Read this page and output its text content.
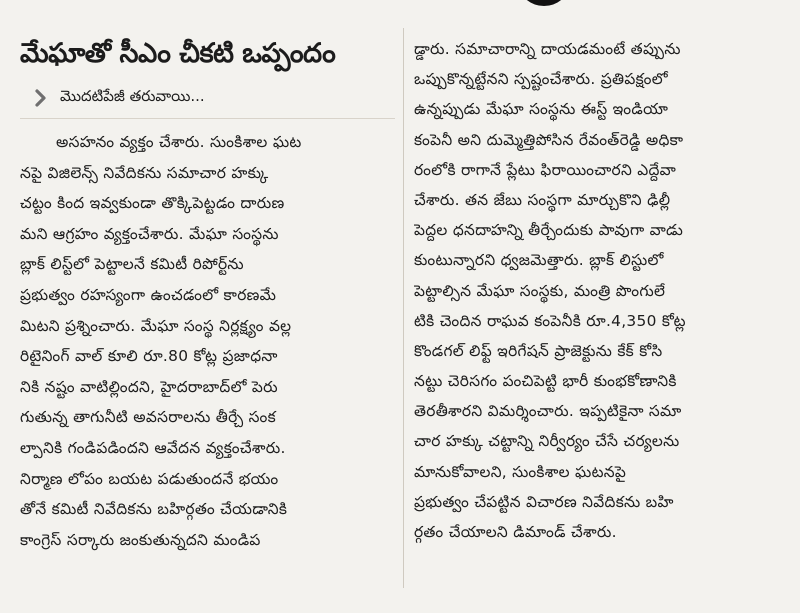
మేఘాతో సీఎం చీకటి ఒప్పందం
మొదటిపేజీ తరువాయి...
అసహనం వ్యక్తం చేశారు. సుంకిశాల ఘట
నపై విజిలెన్స్ నివేదికను సమాచార హక్కు
చట్టం కింద ఇవ్వకుండా తొక్కిపెట్టడం దారుణ
మని ఆగ్రహం వ్యక్తంచేశారు. మేఘా సంస్థను
బ్లాక్ లిస్ట్‌లో పెట్టాలనే కమిటీ రిపోర్ట్‌ను
ప్రభుత్వం రహస్యంగా ఉంచడంలో కారణమే
మిటని ప్రశ్నించారు. మేఘా సంస్థ నిర్లక్ష్యం వల్ల
రిటైనింగ్ వాల్ కూలి రూ.80 కోట్ల ప్రజాధనా
నికి నష్టం వాటిల్లిందని, హైదరాబాద్‌లో పెరు
గుతున్న తాగునీటి అవసరాలను తీర్చే సంక
ల్పానికి గండిపడిందని ఆవేదన వ్యక్తంచేశారు.
నిర్మాణ లోపం బయట పడుతుందనే భయం
తోనే కమిటీ నివేదికను బహిర్గతం చేయడానికి
కాంగ్రెస్ సర్కారు జంకుతున్నదని మండిప
డ్డారు. సమాచారాన్ని దాయడమంటే తప్పును
ఒప్పుకొన్నట్టేనని స్పష్టంచేశారు. ప్రతిపక్షంలో
ఉన్నప్పుడు మేఘా సంస్థను ఈస్ట్ ఇండియా
కంపెనీ అని దుమ్మెత్తిపోసిన రేవంత్‌రెడ్డి అధికా
రంలోకి రాగానే ప్లేటు ఫిరాయించారని ఎద్దేవా
చేశారు. తన జేబు సంస్థగా మార్చుకొని ఢిల్లీ
పెద్దల ధనదాహన్ని తీర్చేందుకు పావుగా వాడు
కుంటున్నారని ధ్వజమెత్తారు. బ్లాక్ లిస్టులో
పెట్టాల్సిన మేఘా సంస్థకు, మంత్రి పొంగులే
టికి చెందిన రాఘవ కంపెనీకి రూ.4,350 కోట్ల
కొండగల్ లిఫ్ట్ ఇరిగేషన్ ప్రాజెక్టును కేక్ కోసి
నట్టు చెరిసగం పంచిపెట్టి భారీ కుంభకోణానికి
తెరతీశారని విమర్శించారు. ఇప్పటికైనా సమా
చార హక్కు చట్టాన్ని నిర్వీర్యం చేసే చర్యలను
మానుకోవాలని, సుంకిశాల ఘటనపై
ప్రభుత్వం చేపట్టిన విచారణ నివేదికను బహి
ర్గతం చేయాలని డిమాండ్ చేశారు.
